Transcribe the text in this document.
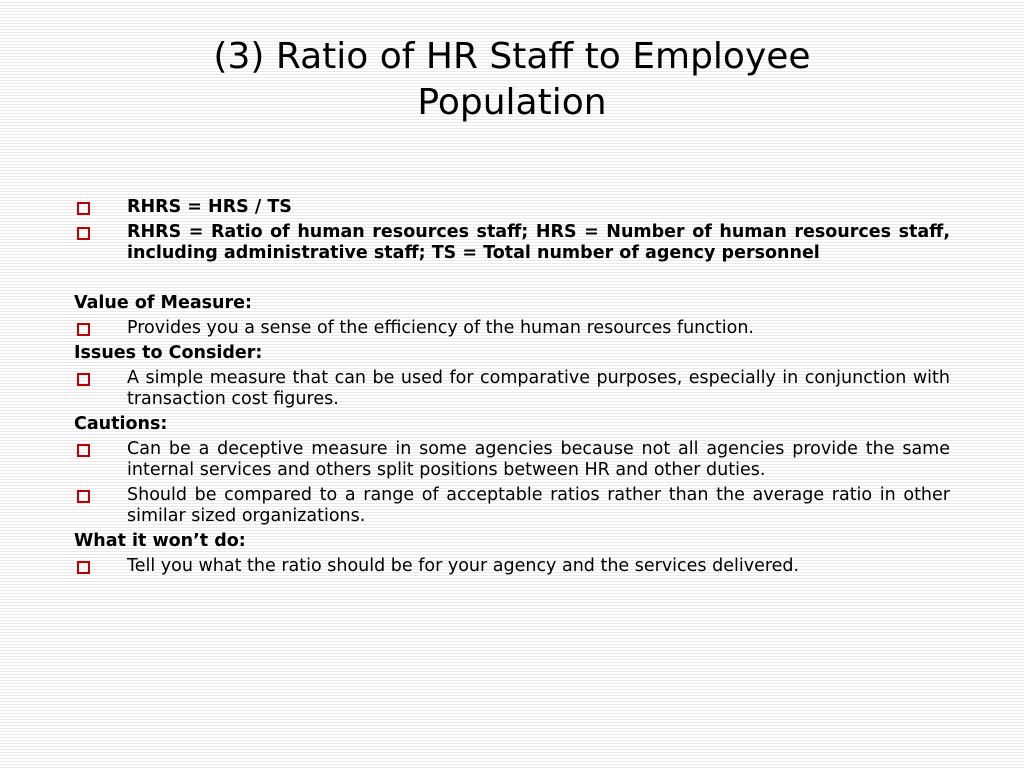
(3) Ratio of HR Staff to Employee
Population
RHRS = HRS / TS
RHRS = Ratio of human resources staff; HRS = Number of human resources staff, including administrative staff; TS = Total number of agency personnel
Value of Measure:
Provides you a sense of the efficiency of the human resources function.
Issues to Consider:
A simple measure that can be used for comparative purposes, especially in conjunction with transaction cost figures.
Cautions:
Can be a deceptive measure in some agencies because not all agencies provide the same internal services and others split positions between HR and other duties.
Should be compared to a range of acceptable ratios rather than the average ratio in other similar sized organizations.
What it won’t do:
Tell you what the ratio should be for your agency and the services delivered.
